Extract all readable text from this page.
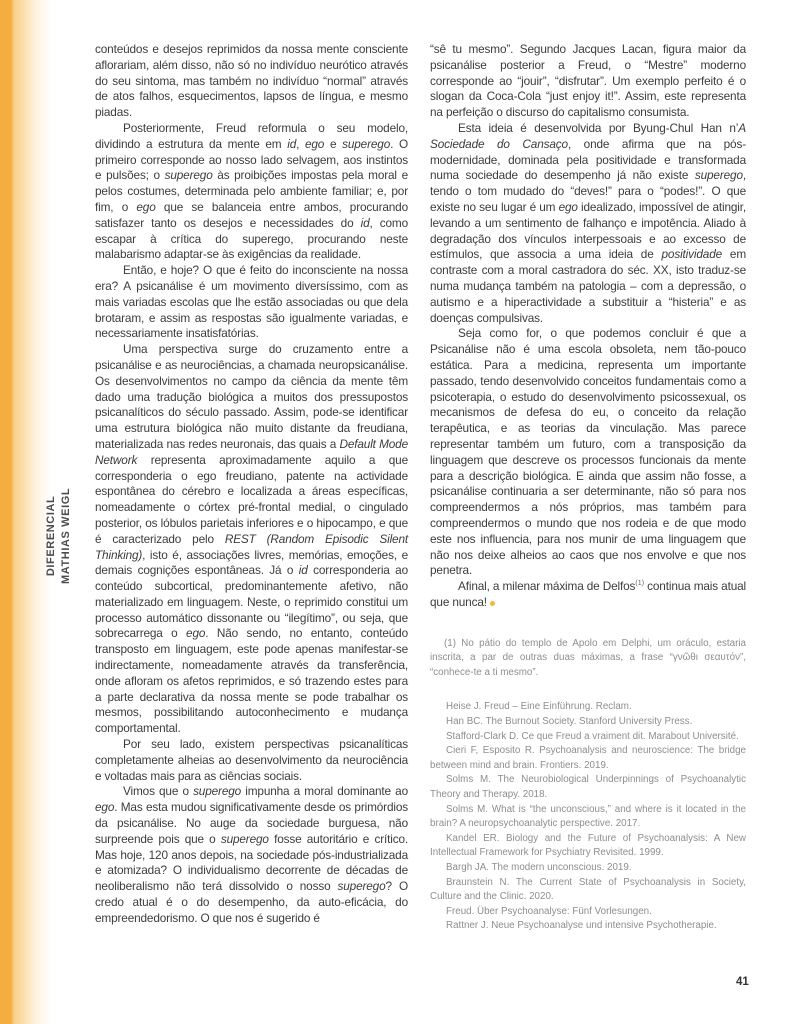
DIFERENCIAL MATHIAS WEIGL

conteúdos e desejos reprimidos da nossa mente consciente aflorariam, além disso, não só no indivíduo neurótico através do seu sintoma, mas também no indivíduo “normal” através de atos falhos, esquecimentos, lapsos de língua, e mesmo piadas.

Posteriormente, Freud reformula o seu modelo, dividindo a estrutura da mente em id, ego e superego. O primeiro corresponde ao nosso lado selvagem, aos instintos e pulsões; o superego às proibições impostas pela moral e pelos costumes, determinada pelo ambiente familiar; e, por fim, o ego que se balanceia entre ambos, procurando satisfazer tanto os desejos e necessidades do id, como escapar à crítica do superego, procurando neste malabarismo adaptar-se às exigências da realidade.

Então, e hoje? O que é feito do inconsciente na nossa era? A psicanálise é um movimento diversíssimo, com as mais variadas escolas que lhe estão associadas ou que dela brotaram, e assim as respostas são igualmente variadas, e necessariamente insatisfatórias.

Uma perspectiva surge do cruzamento entre a psicanálise e as neurociências, a chamada neuropsicanálise. Os desenvolvimentos no campo da ciência da mente têm dado uma tradução biológica a muitos dos pressupostos psicanalíticos do século passado. Assim, pode-se identificar uma estrutura biológica não muito distante da freudiana, materializada nas redes neuronais, das quais a Default Mode Network representa aproximadamente aquilo a que corresponderia o ego freudiano, patente na actividade espontânea do cérebro e localizada a áreas específicas, nomeadamente o córtex pré-frontal medial, o cingulado posterior, os lóbulos parietais inferiores e o hipocampo, e que é caracterizado pelo REST (Random Episodic Silent Thinking), isto é, associações livres, memórias, emoções, e demais cognições espontâneas. Já o id corresponderia ao conteúdo subcortical, predominantemente afetivo, não materializado em linguagem. Neste, o reprimido constitui um processo automático dissonante ou “ilegítimo”, ou seja, que sobrecarrega o ego. Não sendo, no entanto, conteúdo transposto em linguagem, este pode apenas manifestar-se indirectamente, nomeadamente através da transferência, onde afloram os afetos reprimidos, e só trazendo estes para a parte declarativa da nossa mente se pode trabalhar os mesmos, possibilitando autoconhecimento e mudança comportamental.

Por seu lado, existem perspectivas psicanalíticas completamente alheias ao desenvolvimento da neurociência e voltadas mais para as ciências sociais.

Vimos que o superego impunha a moral dominante ao ego. Mas esta mudou significativamente desde os primórdios da psicanálise. No auge da sociedade burguesa, não surpreende pois que o superego fosse autoritário e crítico. Mas hoje, 120 anos depois, na sociedade pós-industrializada e atomizada? O individualismo decorrente de décadas de neoliberalismo não terá dissolvido o nosso superego? O credo atual é o do desempenho, da auto-eficácia, do empreendedorismo. O que nos é sugerido é

“sê tu mesmo”. Segundo Jacques Lacan, figura maior da psicanálise posterior a Freud, o “Mestre” moderno corresponde ao “jouir”, “disfrutar”. Um exemplo perfeito é o slogan da Coca-Cola “just enjoy it!”. Assim, este representa na perfeição o discurso do capitalismo consumista.

Esta ideia é desenvolvida por Byung-Chul Han n’A Sociedade do Cansaço, onde afirma que na pós-modernidade, dominada pela positividade e transformada numa sociedade do desempenho já não existe superego, tendo o tom mudado do “deves!” para o “podes!”. O que existe no seu lugar é um ego idealizado, impossível de atingir, levando a um sentimento de falhanço e impotência. Aliado à degradação dos vínculos interpessoais e ao excesso de estímulos, que associa a uma ideia de positividade em contraste com a moral castradora do séc. XX, isto traduz-se numa mudança também na patologia – com a depressão, o autismo e a hiperactividade a substituir a “histeria” e as doenças compulsivas.

Seja como for, o que podemos concluir é que a Psicanálise não é uma escola obsoleta, nem tão-pouco estática. Para a medicina, representa um importante passado, tendo desenvolvido conceitos fundamentais como a psicoterapia, o estudo do desenvolvimento psicossexual, os mecanismos de defesa do eu, o conceito da relação terapêutica, e as teorias da vinculação. Mas parece representar também um futuro, com a transposição da linguagem que descreve os processos funcionais da mente para a descrição biológica. E ainda que assim não fosse, a psicanálise continuaria a ser determinante, não só para nos compreendermos a nós próprios, mas também para compreendermos o mundo que nos rodeia e de que modo este nos influencia, para nos munir de uma linguagem que não nos deixe alheios ao caos que nos envolve e que nos penetra.

Afinal, a milenar máxima de Delfos$^{(1)}$ continua mais atual que nunca!

(1) No pátio do templo de Apolo em Delphi, um oráculo, estaria inscrita, a par de outras duas máximas, a frase “γνῶθι σεαυτόν”, “conhece-te a ti mesmo”.

Heise J. Freud – Eine Einführung. Reclam.

Han BC. The Burnout Society. Stanford University Press.

Stafford-Clark D. Ce que Freud a vraiment dit. Marabout Université.

Cieri F, Esposito R. Psychoanalysis and neuroscience: The bridge between mind and brain. Frontiers. 2019.

Solms M. The Neurobiological Underpinnings of Psychoanalytic Theory and Therapy. 2018.

Solms M. What is “the unconscious,” and where is it located in the brain? A neuropsychoanalytic perspective. 2017.

Kandel ER. Biology and the Future of Psychoanalysis: A New Intellectual Framework for Psychiatry Revisited. 1999.

Bargh JA. The modern unconscious. 2019.

Braunstein N. The Current State of Psychoanalysis in Society, Culture and the Clinic. 2020.

Freud. Über Psychoanalyse: Fünf Vorlesungen.

Rattner J. Neue Psychoanalyse und intensive Psychotherapie.

41
